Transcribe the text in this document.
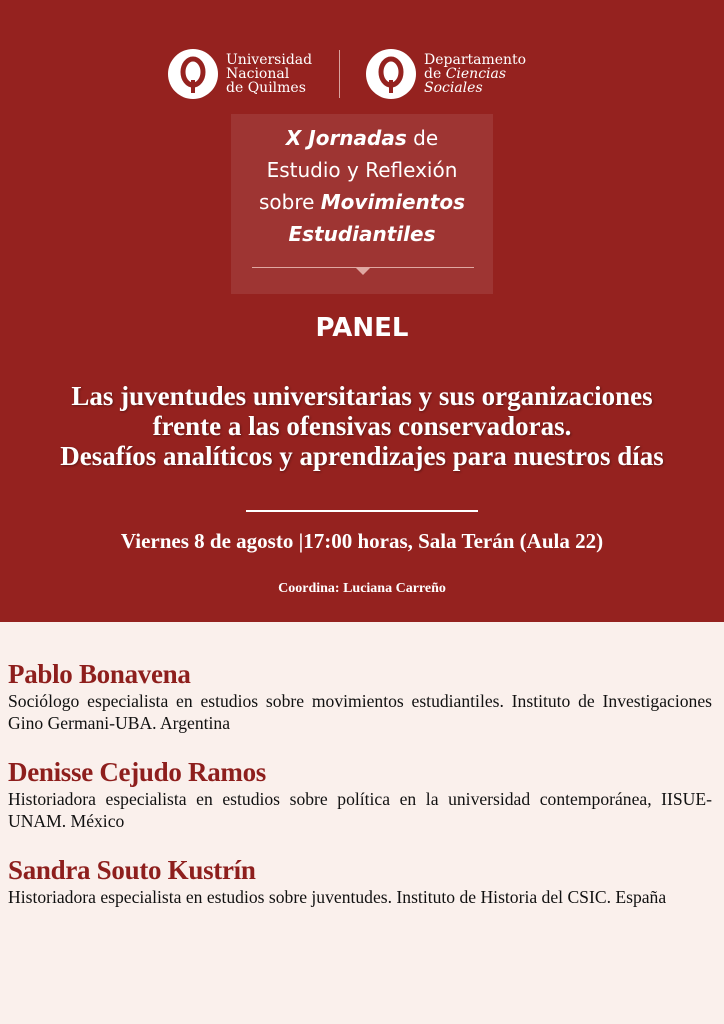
Universidad
Nacional
de Quilmes
Departamento
de Ciencias
Sociales
X Jornadas de
Estudio y Reflexión
sobre Movimientos
Estudiantiles
PANEL
Las juventudes universitarias y sus organizaciones
frente a las ofensivas conservadoras.
Desafíos analíticos y aprendizajes para nuestros días
Viernes 8 de agosto |17:00 horas, Sala Terán (Aula 22)
Coordina: Luciana Carreño
Pablo Bonavena
Sociólogo especialista en estudios sobre movimientos estudiantiles. Instituto de Investigaciones Gino Germani-UBA. Argentina
Denisse Cejudo Ramos
Historiadora especialista en estudios sobre política en la universidad contemporánea, IISUE-UNAM. México
Sandra Souto Kustrín
Historiadora especialista en estudios sobre juventudes. Instituto de Historia del CSIC. España
